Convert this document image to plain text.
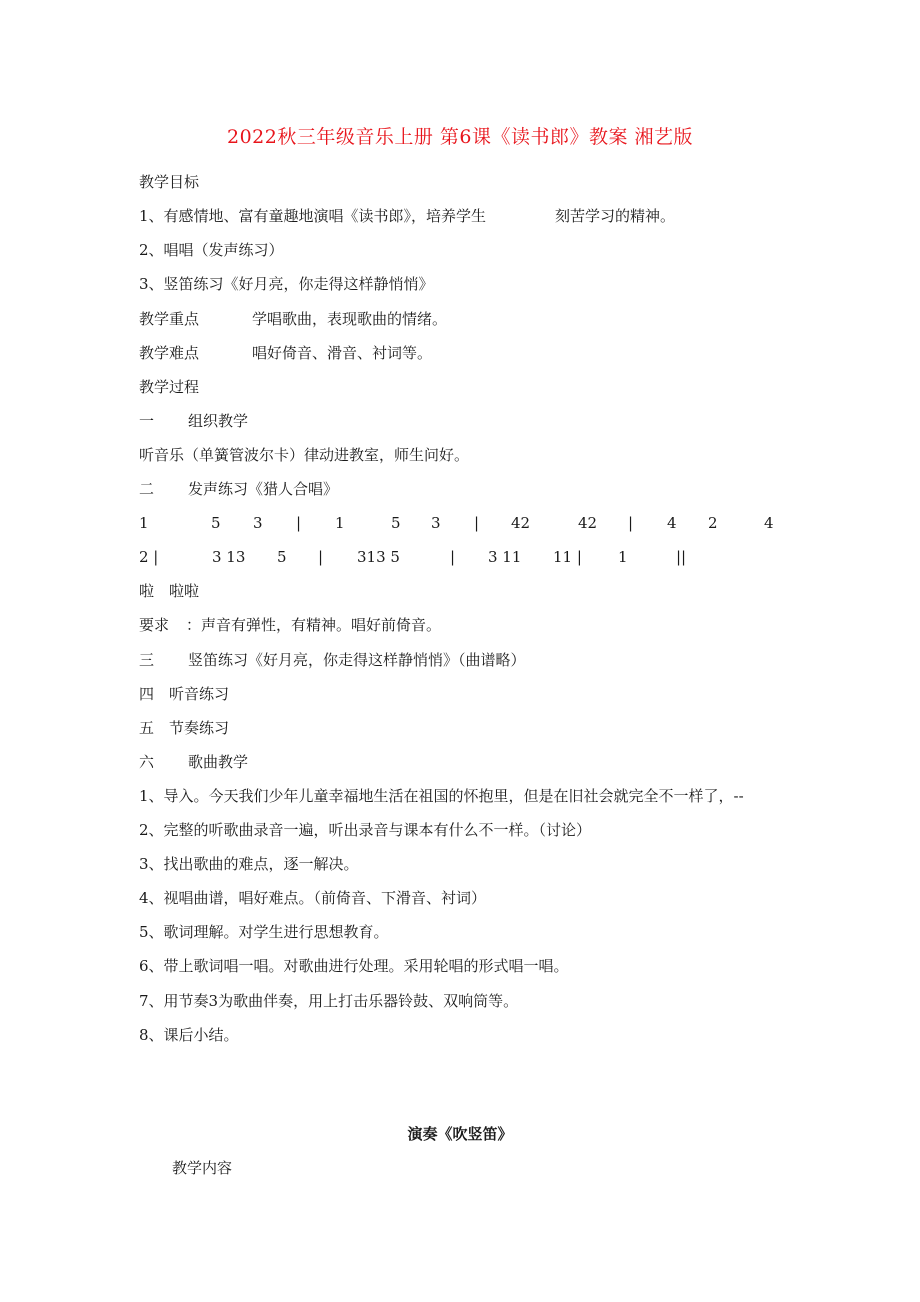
2022秋三年级音乐上册 第6课《读书郎》教案 湘艺版
教学目标
1、有感情地、富有童趣地演唱《读书郎》，培养学生	刻苦学习的精神。
2、唱唱（发声练习）
3、竖笛练习《好月亮，你走得这样静悄悄》
教学重点	学唱歌曲，表现歌曲的情绪。
教学难点	唱好倚音、滑音、衬词等。
教学过程
一 组织教学
听音乐（单簧管波尔卡）律动进教室，师生问好。
二 发声练习《猎人合唱》
1	5 3 | 1	5 3 | 42	42 | 4 2	4
2 |	3 13 5 | 313 5	| 3 11 11 | 1	||
啦　啦啦
要求 ：声音有弹性，有精神。唱好前倚音。
三 竖笛练习《好月亮，你走得这样静悄悄》（曲谱略）
四　听音练习
五　节奏练习
六 歌曲教学
1、导入。今天我们少年儿童幸福地生活在祖国的怀抱里，但是在旧社会就完全不一样了，--
2、完整的听歌曲录音一遍，听出录音与课本有什么不一样。（讨论）
3、找出歌曲的难点，逐一解决。
4、视唱曲谱，唱好难点。（前倚音、下滑音、衬词）
5、歌词理解。对学生进行思想教育。
6、带上歌词唱一唱。对歌曲进行处理。采用轮唱的形式唱一唱。
7、用节奏3为歌曲伴奏，用上打击乐器铃鼓、双响筒等。
8、课后小结。
演奏《吹竖笛》
教学内容
